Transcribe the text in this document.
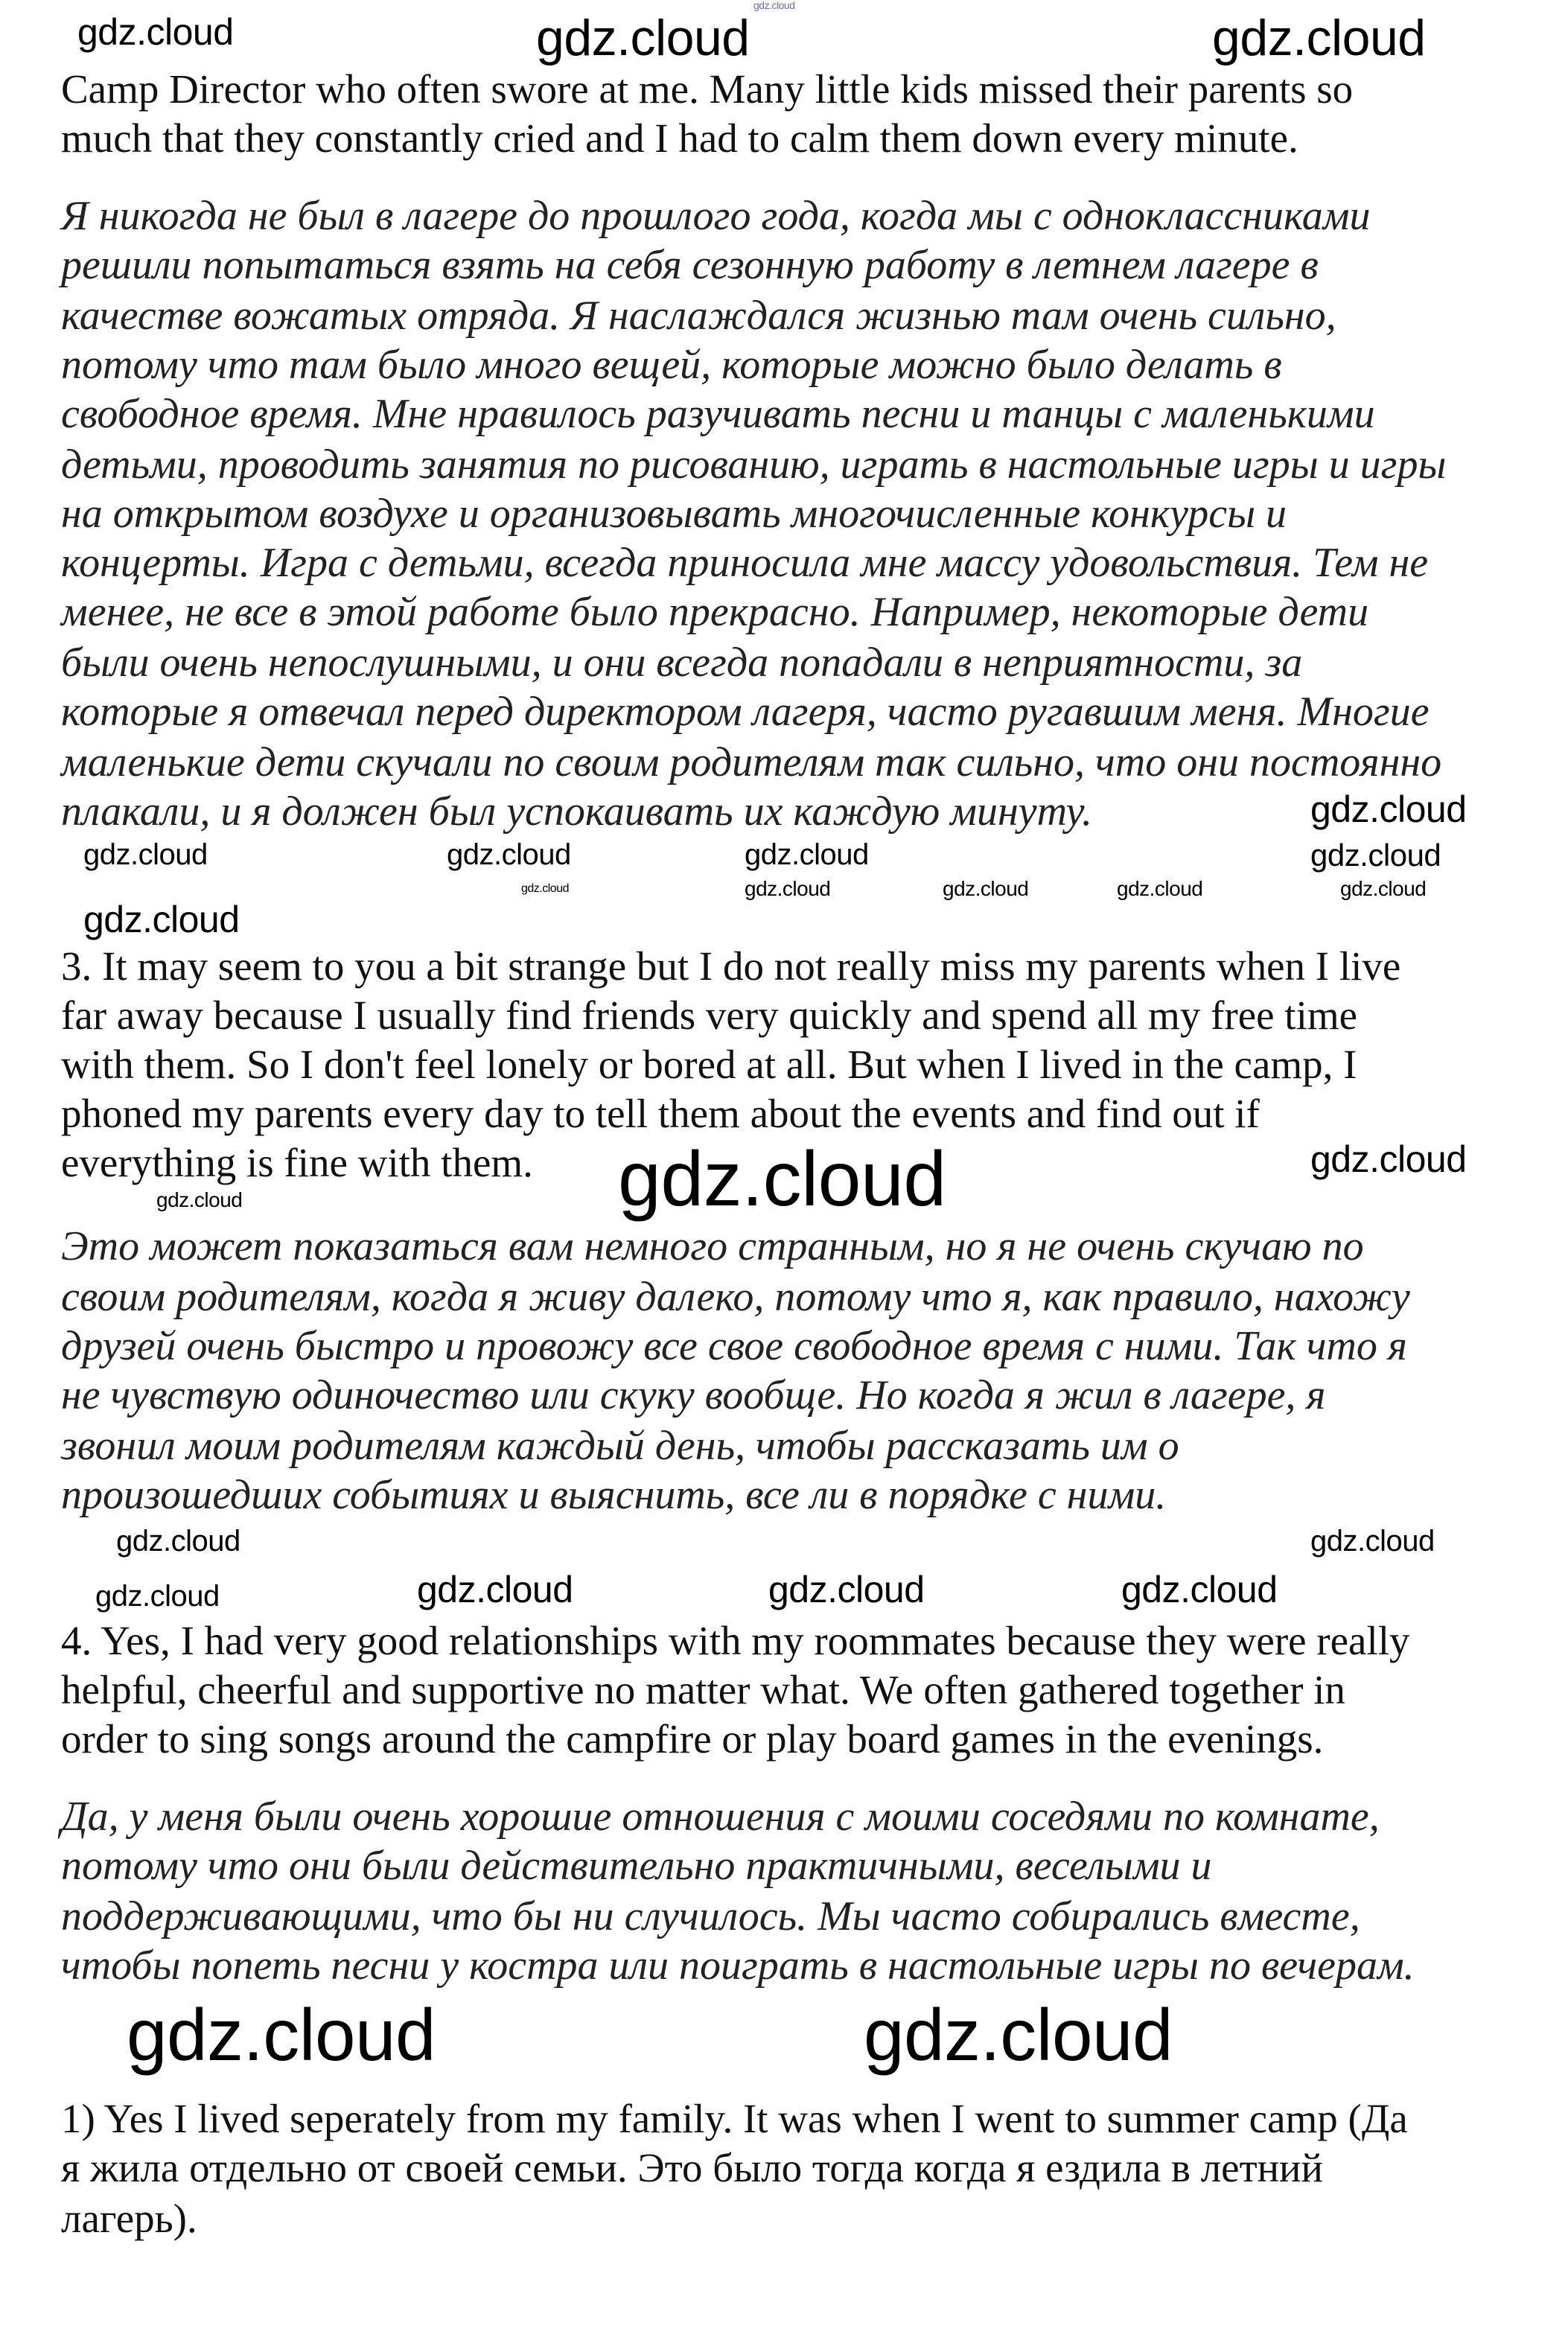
gdz.cloud
gdz.cloud	gdz.cloud	gdz.cloud
gdz.cloud	gdz.cloud
gdz.cloud
gdz.cloud	gdz.cloud
gdz.cloud	gdz.cloud
gdz.cloud	gdz.cloud
gdz.cloud
gdz.cloud
gdz.cloud
gdz.cloud
gdz.cloud
gdz.cloud	gdz.cloud
gdz.cloud	gdz.cloud	gdz.cloud	gdz.cloud
gdz.cloud	gdz.cloud
Camp Director who often swore at me. Many little kids missed their parents so
much that they constantly cried and I had to calm them down every minute.
Я никогда не был в лагере до прошлого года, когда мы с одноклассниками
решили попытаться взять на себя сезонную работу в летнем лагере в
качестве вожатых отряда. Я наслаждался жизнью там очень сильно,
потому что там было много вещей, которые можно было делать в
свободное время. Мне нравилось разучивать песни и танцы с маленькими
детьми, проводить занятия по рисованию, играть в настольные игры и игры
на открытом воздухе и организовывать многочисленные конкурсы и
концерты. Игра с детьми, всегда приносила мне массу удовольствия. Тем не
менее, не все в этой работе было прекрасно. Например, некоторые дети
были очень непослушными, и они всегда попадали в неприятности, за
которые я отвечал перед директором лагеря, часто ругавшим меня. Многие
маленькие дети скучали по своим родителям так сильно, что они постоянно
плакали, и я должен был успокаивать их каждую минуту.
3. It may seem to you a bit strange but I do not really miss my parents when I live
far away because I usually find friends very quickly and spend all my free time
with them. So I don't feel lonely or bored at all. But when I lived in the camp, I
phoned my parents every day to tell them about the events and find out if
everything is fine with them.
Это может показаться вам немного странным, но я не очень скучаю по
своим родителям, когда я живу далеко, потому что я, как правило, нахожу
друзей очень быстро и провожу все свое свободное время с ними. Так что я
не чувствую одиночество или скуку вообще. Но когда я жил в лагере, я
звонил моим родителям каждый день, чтобы рассказать им о
произошедших событиях и выяснить, все ли в порядке с ними.
4. Yes, I had very good relationships with my roommates because they were really
helpful, cheerful and supportive no matter what. We often gathered together in
order to sing songs around the campfire or play board games in the evenings.
Да, у меня были очень хорошие отношения с моими соседями по комнате,
потому что они были действительно практичными, веселыми и
поддерживающими, что бы ни случилось. Мы часто собирались вместе,
чтобы попеть песни у костра или поиграть в настольные игры по вечерам.
1) Yes I lived seperately from my family. It was when I went to summer camp (Да
я жила отдельно от своей семьи. Это было тогда когда я ездила в летний
лагерь).
